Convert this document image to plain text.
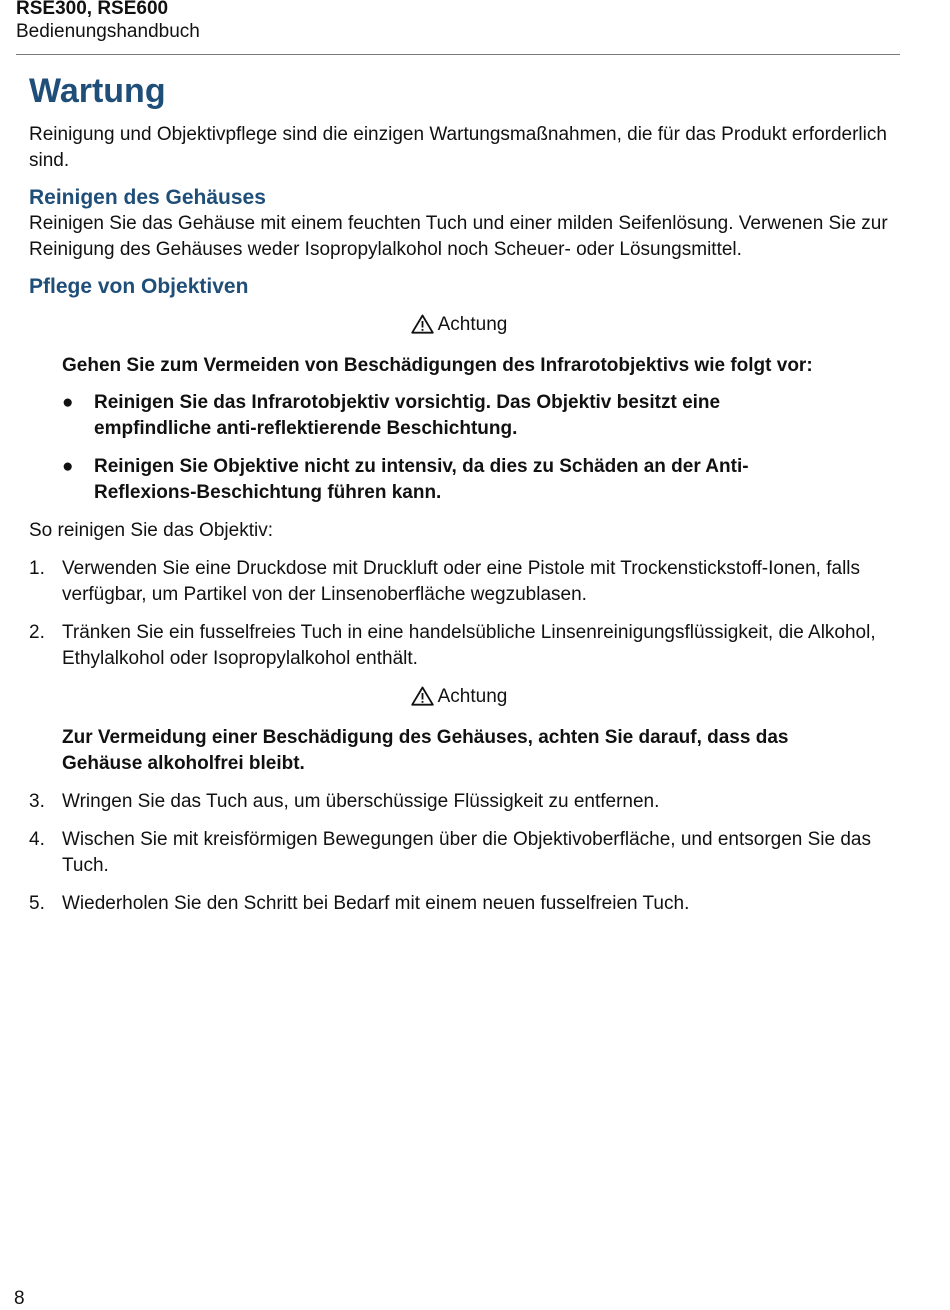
RSE300, RSE600

Bedienungshandbuch

Wartung

Reinigung und Objektivpflege sind die einzigen Wartungsmaßnahmen, die für das Produkt erforderlich sind.

Reinigen des Gehäuses

Reinigen Sie das Gehäuse mit einem feuchten Tuch und einer milden Seifenlösung. Verwenen Sie zur Reinigung des Gehäuses weder Isopropylalkohol noch Scheuer- oder Lösungsmittel.

Pflege von Objektiven
Achtung

Gehen Sie zum Vermeiden von Beschädigungen des Infrarotobjektivs wie folgt vor:

● Reinigen Sie das Infrarotobjektiv vorsichtig. Das Objektiv besitzt eine empfindliche anti-reflektierende Beschichtung.
● Reinigen Sie Objektive nicht zu intensiv, da dies zu Schäden an der Anti-Reflexions-Beschichtung führen kann.

So reinigen Sie das Objektiv:

1. Verwenden Sie eine Druckdose mit Druckluft oder eine Pistole mit Trockenstickstoff-Ionen, falls verfügbar, um Partikel von der Linsenoberfläche wegzublasen.
2. Tränken Sie ein fusselfreies Tuch in eine handelsübliche Linsenreinigungsflüssigkeit, die Alkohol, Ethylalkohol oder Isopropylalkohol enthält.
Achtung

Zur Vermeidung einer Beschädigung des Gehäuses, achten Sie darauf, dass das Gehäuse alkoholfrei bleibt.

3. Wringen Sie das Tuch aus, um überschüssige Flüssigkeit zu entfernen.
4. Wischen Sie mit kreisförmigen Bewegungen über die Objektivoberfläche, und entsorgen Sie das Tuch.
5. Wiederholen Sie den Schritt bei Bedarf mit einem neuen fusselfreien Tuch.
8
